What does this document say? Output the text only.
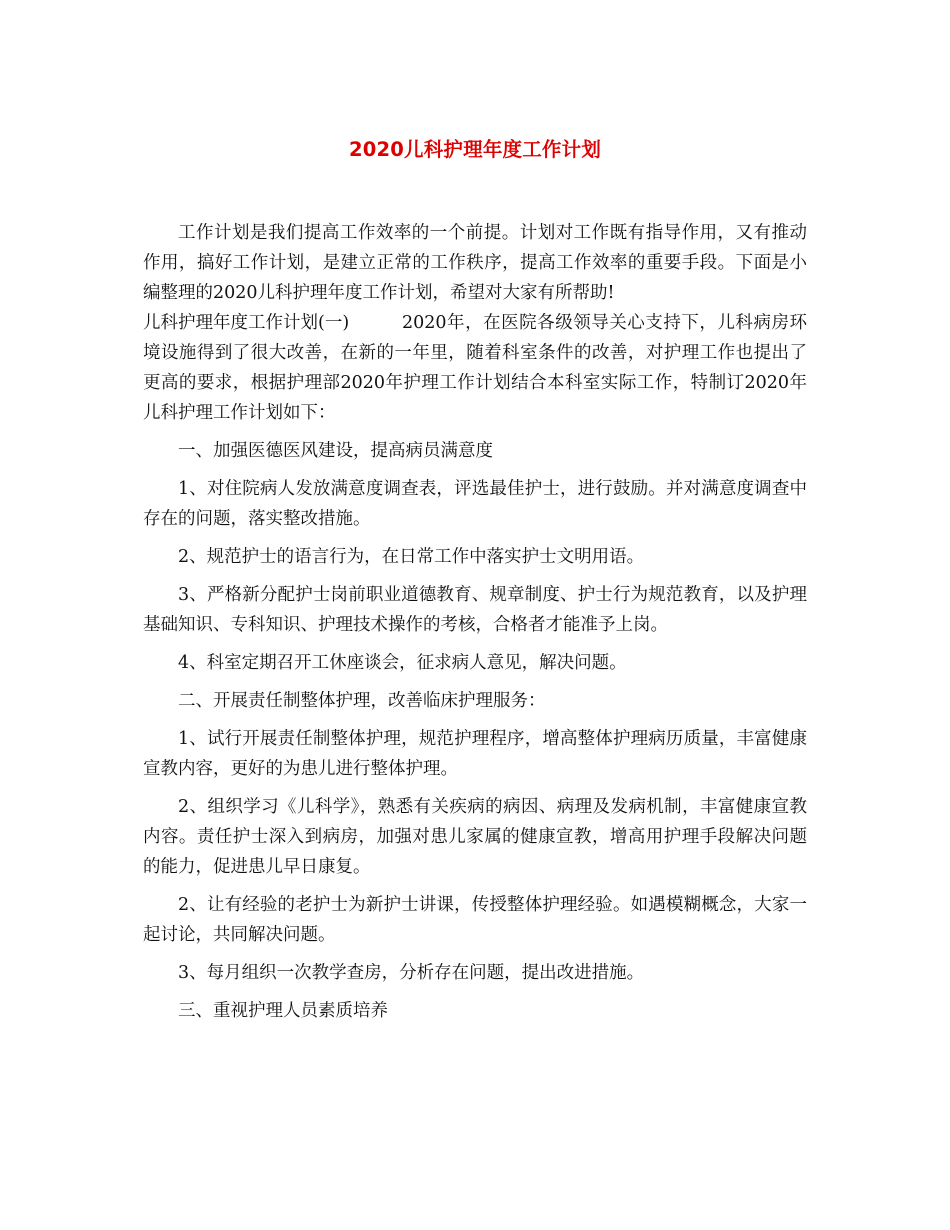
2020儿科护理年度工作计划

工作计划是我们提高工作效率的一个前提。计划对工作既有指导作用，又有推动作用，搞好工作计划，是建立正常的工作秩序，提高工作效率的重要手段。下面是小编整理的2020儿科护理年度工作计划，希望对大家有所帮助!

儿科护理年度工作计划(一)	2020年，在医院各级领导关心支持下，儿科病房环境设施得到了很大改善，在新的一年里，随着科室条件的改善，对护理工作也提出了更高的要求，根据护理部2020年护理工作计划结合本科室实际工作，特制订2020年儿科护理工作计划如下：

一、加强医德医风建设，提高病员满意度

1、对住院病人发放满意度调查表，评选最佳护士，进行鼓励。并对满意度调查中存在的问题，落实整改措施。

2、规范护士的语言行为，在日常工作中落实护士文明用语。

3、严格新分配护士岗前职业道德教育、规章制度、护士行为规范教育，以及护理基础知识、专科知识、护理技术操作的考核，合格者才能准予上岗。

4、科室定期召开工休座谈会，征求病人意见，解决问题。

二、开展责任制整体护理，改善临床护理服务：

1、试行开展责任制整体护理，规范护理程序，增高整体护理病历质量，丰富健康宣教内容，更好的为患儿进行整体护理。

2、组织学习《儿科学》，熟悉有关疾病的病因、病理及发病机制，丰富健康宣教内容。责任护士深入到病房，加强对患儿家属的健康宣教，增高用护理手段解决问题的能力，促进患儿早日康复。

2、让有经验的老护士为新护士讲课，传授整体护理经验。如遇模糊概念，大家一起讨论，共同解决问题。

3、每月组织一次教学查房，分析存在问题，提出改进措施。

三、重视护理人员素质培养
